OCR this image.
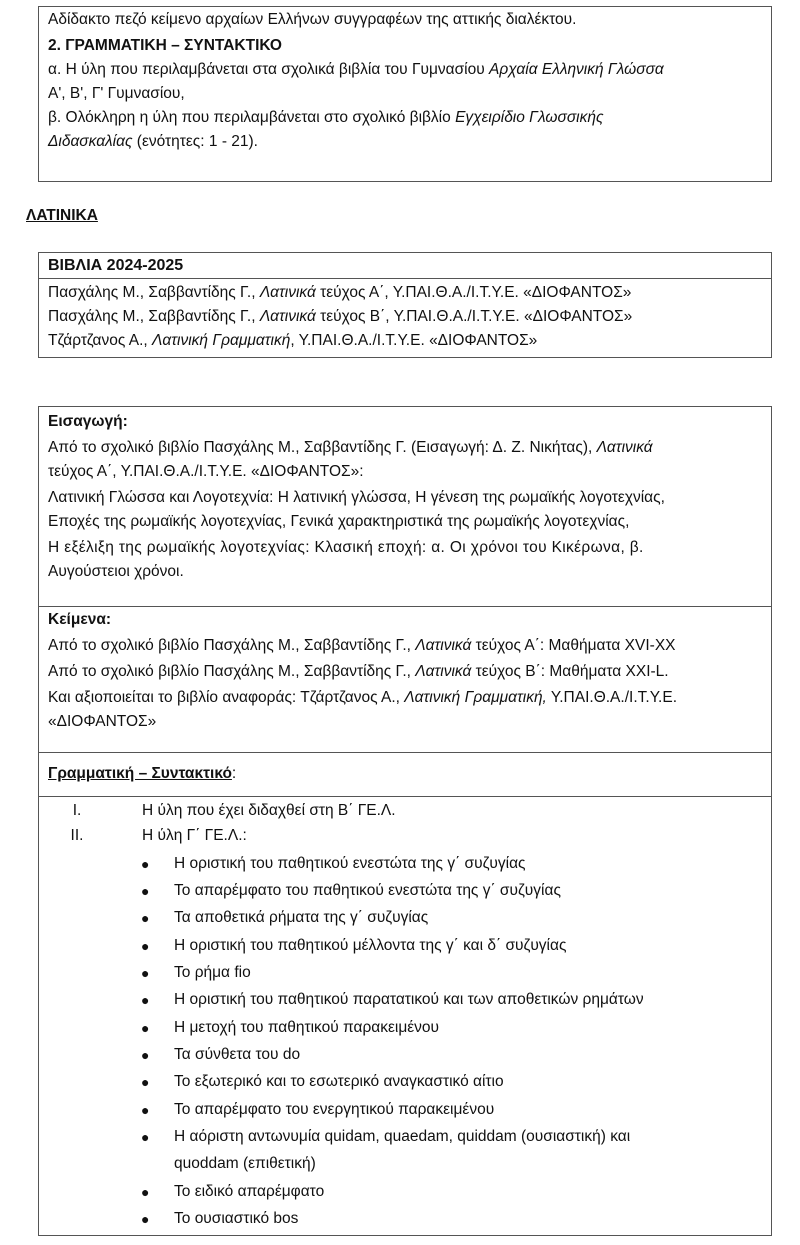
Αδίδακτο πεζό κείμενο αρχαίων Ελλήνων συγγραφέων της αττικής διαλέκτου.
2. ΓΡΑΜΜΑΤΙΚΗ – ΣΥΝΤΑΚΤΙΚΟ
α. Η ύλη που περιλαμβάνεται στα σχολικά βιβλία του Γυμνασίου Αρχαία Ελληνική Γλώσσα
Α', Β', Γ' Γυμνασίου,
β. Ολόκληρη η ύλη που περιλαμβάνεται στο σχολικό βιβλίο Εγχειρίδιο Γλωσσικής
Διδασκαλίας (ενότητες: 1 - 21).
ΛΑΤΙΝΙΚΑ
ΒΙΒΛΙΑ 2024-2025
Πασχάλης Μ., Σαββαντίδης Γ., Λατινικά τεύχος Α΄, Υ.ΠΑΙ.Θ.Α./Ι.Τ.Υ.Ε. «ΔΙΟΦΑΝΤΟΣ»
Πασχάλης Μ., Σαββαντίδης Γ., Λατινικά τεύχος Β΄, Υ.ΠΑΙ.Θ.Α./Ι.Τ.Υ.Ε. «ΔΙΟΦΑΝΤΟΣ»
Τζάρτζανος Α., Λατινική Γραμματική, Υ.ΠΑΙ.Θ.Α./Ι.Τ.Υ.Ε. «ΔΙΟΦΑΝΤΟΣ»
Εισαγωγή:
Από το σχολικό βιβλίο Πασχάλης Μ., Σαββαντίδης Γ. (Εισαγωγή: Δ. Ζ. Νικήτας), Λατινικά
τεύχος Α΄, Υ.ΠΑΙ.Θ.Α./Ι.Τ.Υ.Ε. «ΔΙΟΦΑΝΤΟΣ»:
Λατινική Γλώσσα και Λογοτεχνία: Η λατινική γλώσσα, Η γένεση της ρωμαϊκής λογοτεχνίας,
Εποχές της ρωμαϊκής λογοτεχνίας, Γενικά χαρακτηριστικά της ρωμαϊκής λογοτεχνίας,
Η εξέλιξη της ρωμαϊκής λογοτεχνίας: Κλασική εποχή: α. Οι χρόνοι του Κικέρωνα, β.
Αυγούστειοι χρόνοι.
Κείμενα:
Από το σχολικό βιβλίο Πασχάλης Μ., Σαββαντίδης Γ., Λατινικά τεύχος Α΄: Μαθήματα XVI-XX
Από το σχολικό βιβλίο Πασχάλης Μ., Σαββαντίδης Γ., Λατινικά τεύχος Β΄: Μαθήματα XXI-L.
Και αξιοποιείται το βιβλίο αναφοράς: Τζάρτζανος Α., Λατινική Γραμματική, Υ.ΠΑΙ.Θ.Α./Ι.Τ.Υ.Ε.
«ΔΙΟΦΑΝΤΟΣ»
Γραμματική – Συντακτικό:
I.	Η ύλη που έχει διδαχθεί στη Β΄ ΓΕ.Λ.
II.	Η ύλη Γ΄ ΓΕ.Λ.:
● Η οριστική του παθητικού ενεστώτα της γ΄ συζυγίας
● Το απαρέμφατο του παθητικού ενεστώτα της γ΄ συζυγίας
● Τα αποθετικά ρήματα της γ΄ συζυγίας
● Η οριστική του παθητικού μέλλοντα της γ΄ και δ΄ συζυγίας
● Το ρήμα fio
● Η οριστική του παθητικού παρατατικού και των αποθετικών ρημάτων
● Η μετοχή του παθητικού παρακειμένου
● Τα σύνθετα του do
● Το εξωτερικό και το εσωτερικό αναγκαστικό αίτιο
● Το απαρέμφατο του ενεργητικού παρακειμένου
● Η αόριστη αντωνυμία quidam, quaedam, quiddam (ουσιαστική) και
quoddam (επιθετική)
● Το ειδικό απαρέμφατο
● Το ουσιαστικό bos
